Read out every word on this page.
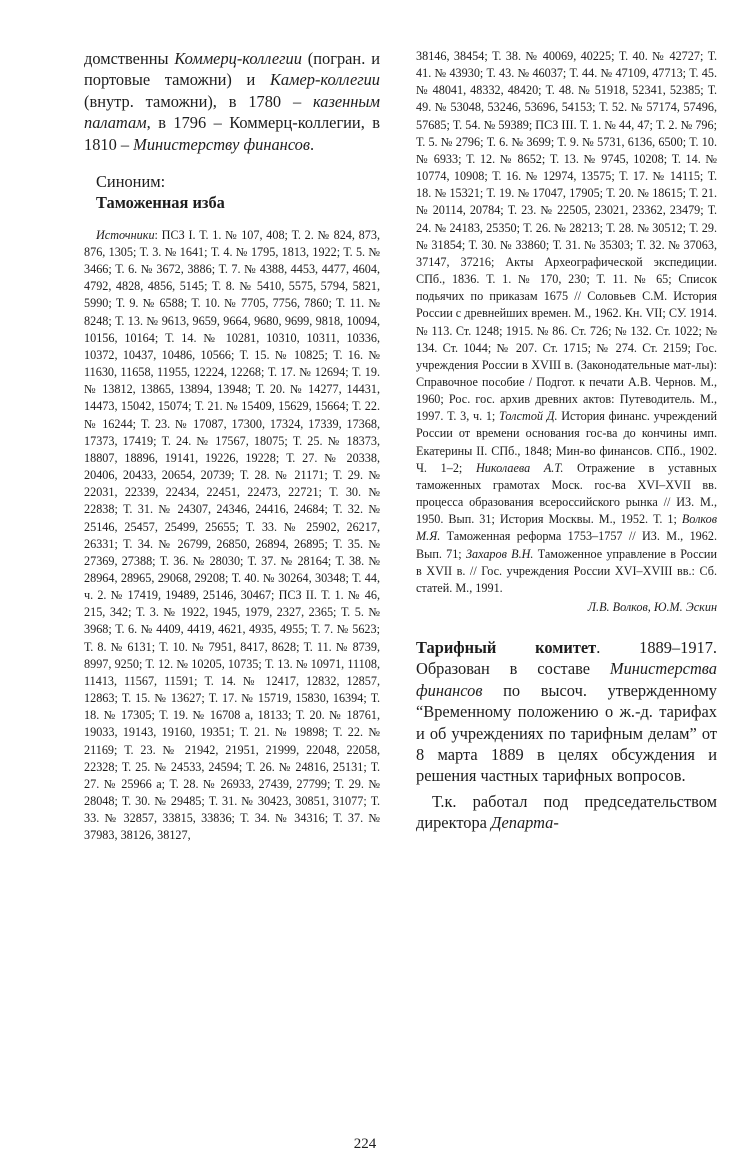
домственны Коммерц-коллегии (погран. и портовые таможни) и Камер-коллегии (внутр. таможни), в 1780 – казенным палатам, в 1796 – Коммерц-коллегии, в 1810 – Министерству финансов.

Синоним:
Таможенная изба

Источники: ПСЗ I. Т. 1. № 107, 408; Т. 2. № 824, 873, 876, 1305; Т. 3. № 1641; Т. 4. № 1795, 1813, 1922; Т. 5. № 3466; Т. 6. № 3672, 3886; Т. 7. № 4388, 4453, 4477, 4604, 4792, 4828, 4856, 5145; Т. 8. № 5410, 5575, 5794, 5821, 5990; Т. 9. № 6588; Т. 10. № 7705, 7756, 7860; Т. 11. № 8248; Т. 13. № 9613, 9659, 9664, 9680, 9699, 9818, 10094, 10156, 10164; Т. 14. № 10281, 10310, 10311, 10336, 10372, 10437, 10486, 10566; Т. 15. № 10825; Т. 16. № 11630, 11658, 11955, 12224, 12268; Т. 17. № 12694; Т. 19. № 13812, 13865, 13894, 13948; Т. 20. № 14277, 14431, 14473, 15042, 15074; Т. 21. № 15409, 15629, 15664; Т. 22. № 16244; Т. 23. № 17087, 17300, 17324, 17339, 17368, 17373, 17419; Т. 24. № 17567, 18075; Т. 25. № 18373, 18807, 18896, 19141, 19226, 19228; Т. 27. № 20338, 20406, 20433, 20654, 20739; Т. 28. № 21171; Т. 29. № 22031, 22339, 22434, 22451, 22473, 22721; Т. 30. № 22838; Т. 31. № 24307, 24346, 24416, 24684; Т. 32. № 25146, 25457, 25499, 25655; Т. 33. № 25902, 26217, 26331; Т. 34. № 26799, 26850, 26894, 26895; Т. 35. № 27369, 27388; Т. 36. № 28030; Т. 37. № 28164; Т. 38. № 28964, 28965, 29068, 29208; Т. 40. № 30264, 30348; Т. 44, ч. 2. № 17419, 19489, 25146, 30467; ПСЗ II. Т. 1. № 46, 215, 342; Т. 3. № 1922, 1945, 1979, 2327, 2365; Т. 5. № 3968; Т. 6. № 4409, 4419, 4621, 4935, 4955; Т. 7. № 5623; Т. 8. № 6131; Т. 10. № 7951, 8417, 8628; Т. 11. № 8739, 8997, 9250; Т. 12. № 10205, 10735; Т. 13. № 10971, 11108, 11413, 11567, 11591; Т. 14. № 12417, 12832, 12857, 12863; Т. 15. № 13627; Т. 17. № 15719, 15830, 16394; Т. 18. № 17305; Т. 19. № 16708 а, 18133; Т. 20. № 18761, 19033, 19143, 19160, 19351; Т. 21. № 19898; Т. 22. № 21169; Т. 23. № 21942, 21951, 21999, 22048, 22058, 22328; Т. 25. № 24533, 24594; Т. 26. № 24816, 25131; Т. 27. № 25966 а; Т. 28. № 26933, 27439, 27799; Т. 29. № 28048; Т. 30. № 29485; Т. 31. № 30423, 30851, 31077; Т. 33. № 32857, 33815, 33836; Т. 34. № 34316; Т. 37. № 37983, 38126, 38127,

38146, 38454; Т. 38. № 40069, 40225; Т. 40. № 42727; Т. 41. № 43930; Т. 43. № 46037; Т. 44. № 47109, 47713; Т. 45. № 48041, 48332, 48420; Т. 48. № 51918, 52341, 52385; Т. 49. № 53048, 53246, 53696, 54153; Т. 52. № 57174, 57496, 57685; Т. 54. № 59389; ПСЗ III. Т. 1. № 44, 47; Т. 2. № 796; Т. 5. № 2796; Т. 6. № 3699; Т. 9. № 5731, 6136, 6500; Т. 10. № 6933; Т. 12. № 8652; Т. 13. № 9745, 10208; Т. 14. № 10774, 10908; Т. 16. № 12974, 13575; Т. 17. № 14115; Т. 18. № 15321; Т. 19. № 17047, 17905; Т. 20. № 18615; Т. 21. № 20114, 20784; Т. 23. № 22505, 23021, 23362, 23479; Т. 24. № 24183, 25350; Т. 26. № 28213; Т. 28. № 30512; Т. 29. № 31854; Т. 30. № 33860; Т. 31. № 35303; Т. 32. № 37063, 37147, 37216; Акты Археографической экспедиции. СПб., 1836. Т. 1. № 170, 230; Т. 11. № 65; Список подьячих по приказам 1675 // Соловьев С.М. История России с древнейших времен. М., 1962. Кн. VII; СУ. 1914. № 113. Ст. 1248; 1915. № 86. Ст. 726; № 132. Ст. 1022; № 134. Ст. 1044; № 207. Ст. 1715; № 274. Ст. 2159; Гос. учреждения России в XVIII в. (Законодательные мат-лы): Справочное пособие / Подгот. к печати А.В. Чернов. М., 1960; Рос. гос. архив древних актов: Путеводитель. М., 1997. Т. 3, ч. 1; Толстой Д. История финанс. учреждений России от времени основания гос-ва до кончины имп. Екатерины II. СПб., 1848; Мин-во финансов. СПб., 1902. Ч. 1–2; Николаева А.Т. Отражение в уставных таможенных грамотах Моск. гос-ва XVI–XVII вв. процесса образования всероссийского рынка // ИЗ. М., 1950. Вып. 31; История Москвы. М., 1952. Т. 1; Волков М.Я. Таможенная реформа 1753–1757 // ИЗ. М., 1962. Вып. 71; Захаров В.Н. Таможенное управление в России в XVII в. // Гос. учреждения России XVI–XVIII вв.: Сб. статей. М., 1991.

Л.В. Волков, Ю.М. Эскин

Тарифный комитет. 1889–1917. Образован в составе Министерства финансов по высоч. утвержденному “Временному положению о ж.-д. тарифах и об учреждениях по тарифным делам” от 8 марта 1889 в целях обсуждения и решения частных тарифных вопросов.

Т.к. работал под председательством директора Департа-

224
